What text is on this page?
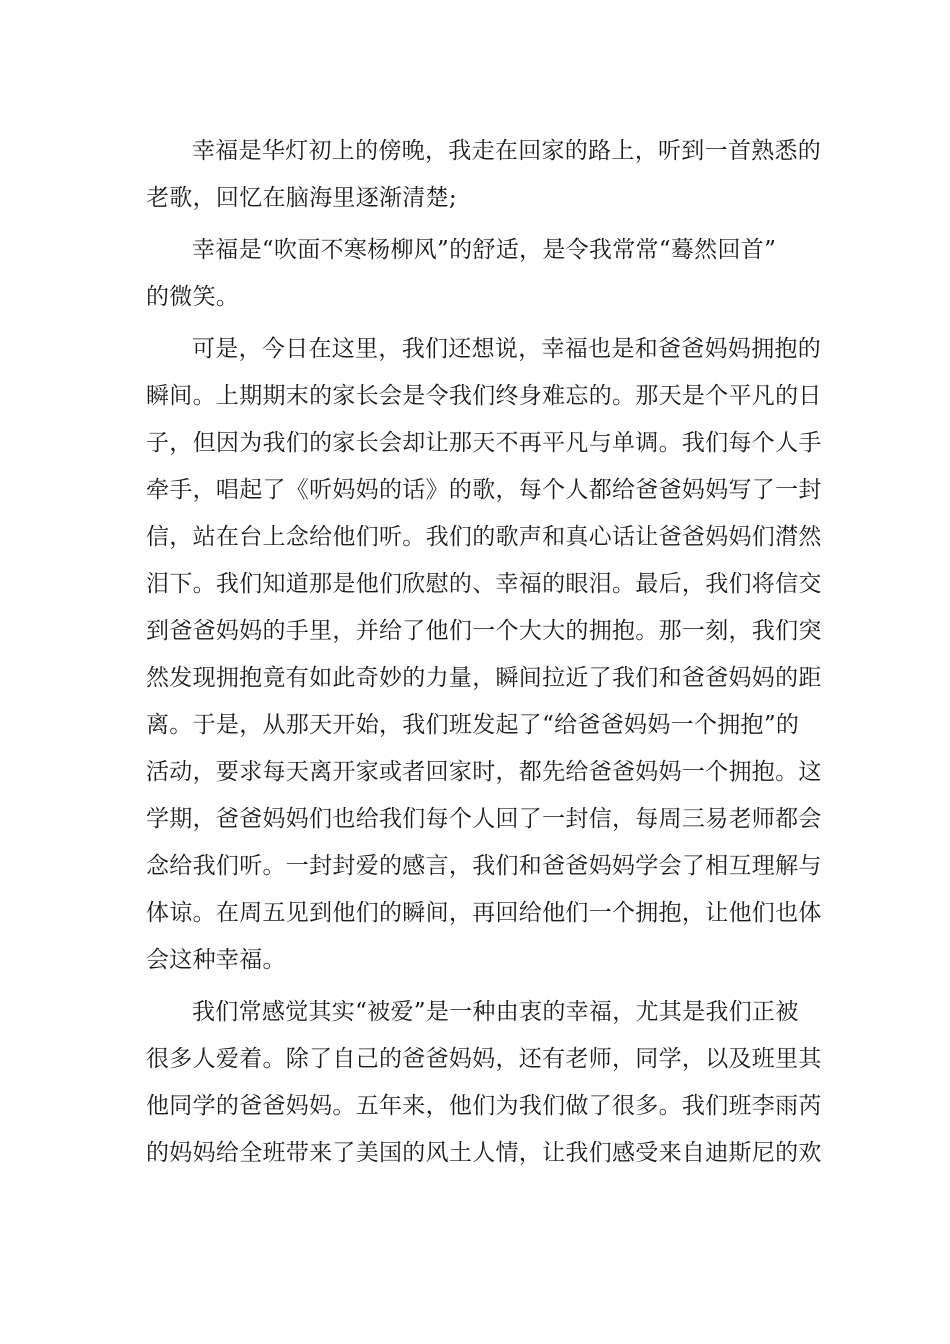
幸福是华灯初上的傍晚，我走在回家的路上，听到一首熟悉的
老歌，回忆在脑海里逐渐清楚;

幸福是“吹面不寒杨柳风”的舒适，是令我常常“蓦然回首”
的微笑。

可是，今日在这里，我们还想说，幸福也是和爸爸妈妈拥抱的
瞬间。上期期末的家长会是令我们终身难忘的。那天是个平凡的日
子，但因为我们的家长会却让那天不再平凡与单调。我们每个人手
牵手，唱起了《听妈妈的话》的歌，每个人都给爸爸妈妈写了一封
信，站在台上念给他们听。我们的歌声和真心话让爸爸妈妈们潸然
泪下。我们知道那是他们欣慰的、幸福的眼泪。最后，我们将信交
到爸爸妈妈的手里，并给了他们一个大大的拥抱。那一刻，我们突
然发现拥抱竟有如此奇妙的力量，瞬间拉近了我们和爸爸妈妈的距
离。于是，从那天开始，我们班发起了“给爸爸妈妈一个拥抱”的
活动，要求每天离开家或者回家时，都先给爸爸妈妈一个拥抱。这
学期，爸爸妈妈们也给我们每个人回了一封信，每周三易老师都会
念给我们听。一封封爱的感言，我们和爸爸妈妈学会了相互理解与
体谅。在周五见到他们的瞬间，再回给他们一个拥抱，让他们也体
会这种幸福。

我们常感觉其实“被爱”是一种由衷的幸福，尤其是我们正被
很多人爱着。除了自己的爸爸妈妈，还有老师，同学，以及班里其
他同学的爸爸妈妈。五年来，他们为我们做了很多。我们班李雨芮
的妈妈给全班带来了美国的风土人情，让我们感受来自迪斯尼的欢
